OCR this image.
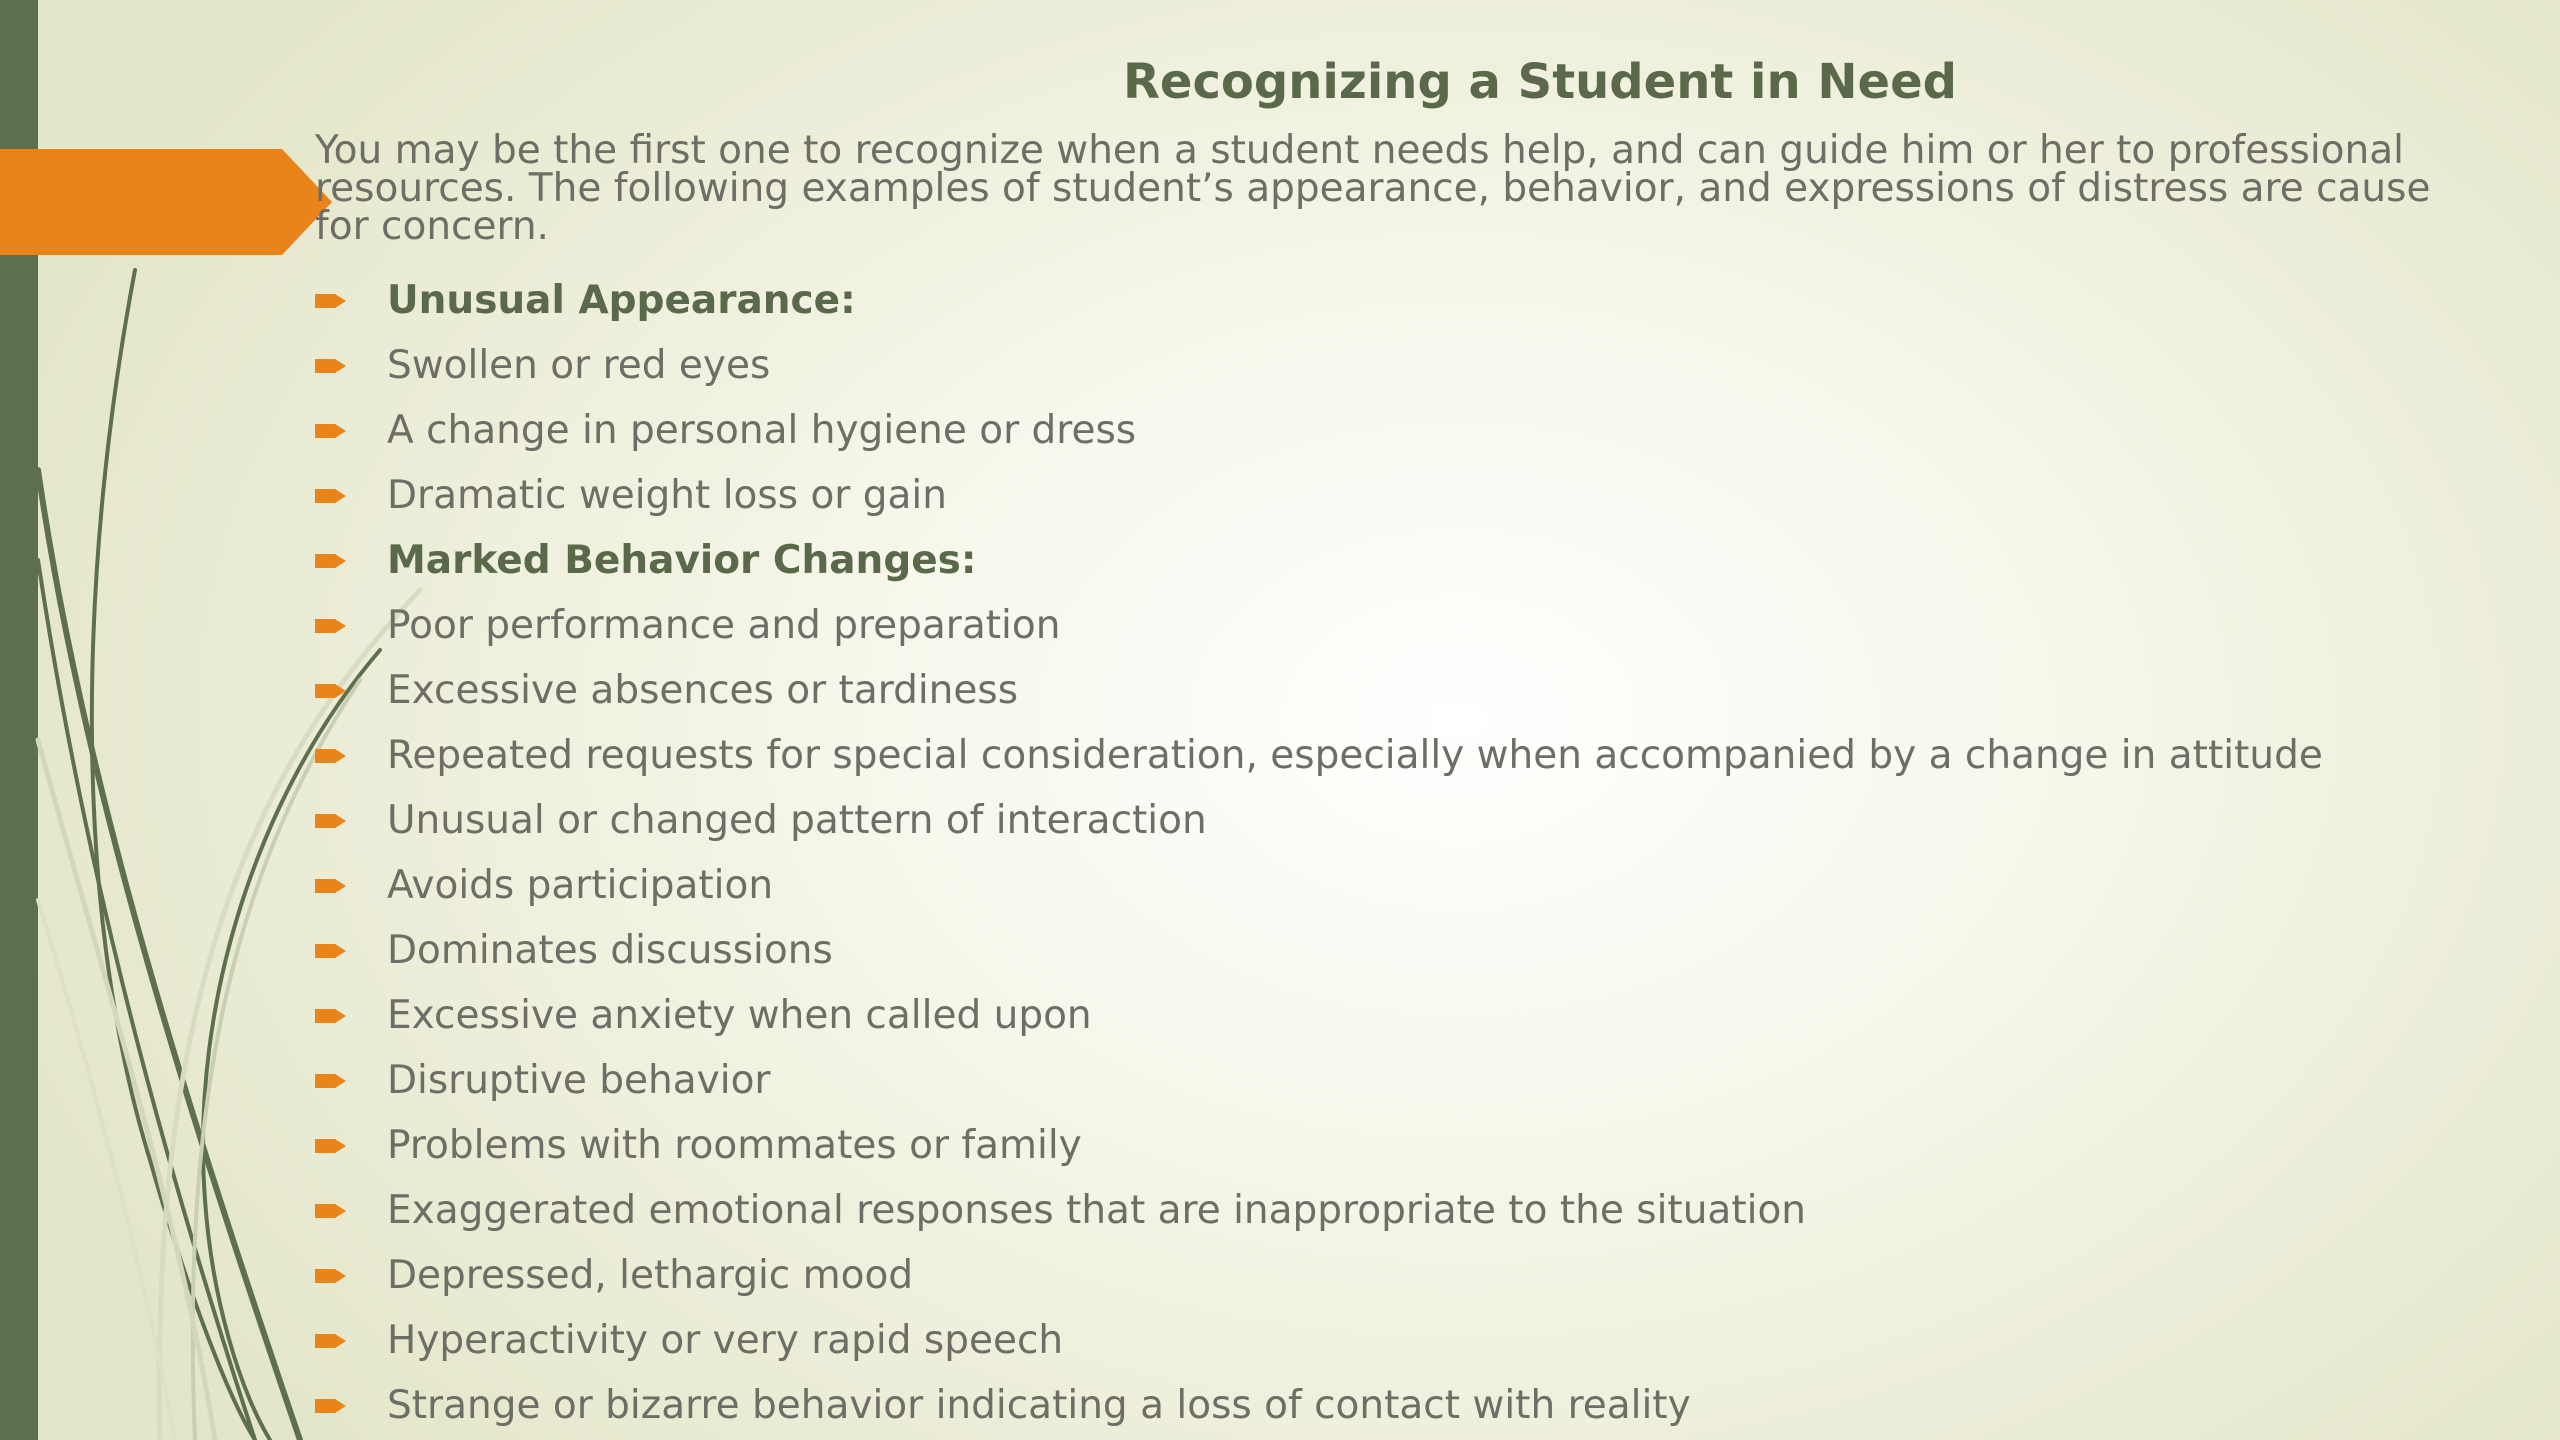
Recognizing a Student in Need
You may be the first one to recognize when a student needs help, and can guide him or her to professional resources. The following examples of student’s appearance, behavior, and expressions of distress are cause for concern.
Unusual Appearance:
Swollen or red eyes
A change in personal hygiene or dress
Dramatic weight loss or gain
Marked Behavior Changes:
Poor performance and preparation
Excessive absences or tardiness
Repeated requests for special consideration, especially when accompanied by a change in attitude
Unusual or changed pattern of interaction
Avoids participation
Dominates discussions
Excessive anxiety when called upon
Disruptive behavior
Problems with roommates or family
Exaggerated emotional responses that are inappropriate to the situation
Depressed, lethargic mood
Hyperactivity or very rapid speech
Strange or bizarre behavior indicating a loss of contact with reality
